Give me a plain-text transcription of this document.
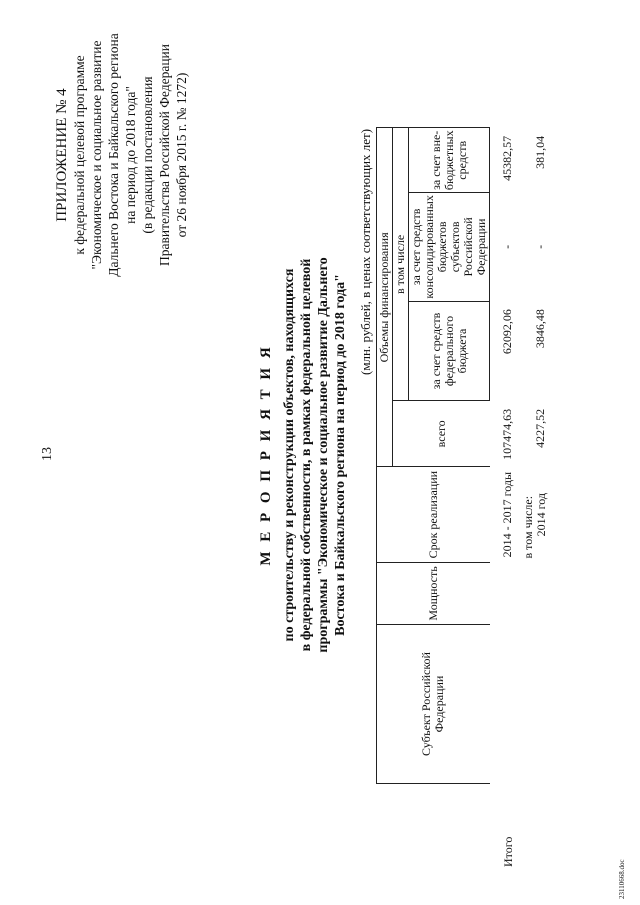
13
ПРИЛОЖЕНИЕ № 4 к федеральной целевой программе "Экономическое и социальное развитие Дальнего Востока и Байкальского региона на период до 2018 года" (в редакции постановления Правительства Российской Федерации от 26 ноября 2015 г. № 1272)
М Е Р О П Р И Я Т И Я по строительству и реконструкции объектов, находящихся в федеральной собственности, в рамках федеральной целевой программы "Экономическое и социальное развитие Дальнего Востока и Байкальского региона на период до 2018 года"
(млн. рублей, в ценах соответствующих лет)
	Субъект Российской Федерации	Мощность	Срок реализации	Объемы финансирования				
				всего	в том числе			
					за счет средств федерального бюджета	за счет средств консолидированных бюджетов субъектов Российской Федерации	за счет вне-бюджетных средств	
Итого			2014 - 2017 годы	107474,63	62092,06	-	45382,57	

			в том числе: 2014 год	4227,52	3846,48	-	381,04	
23110668.doc
